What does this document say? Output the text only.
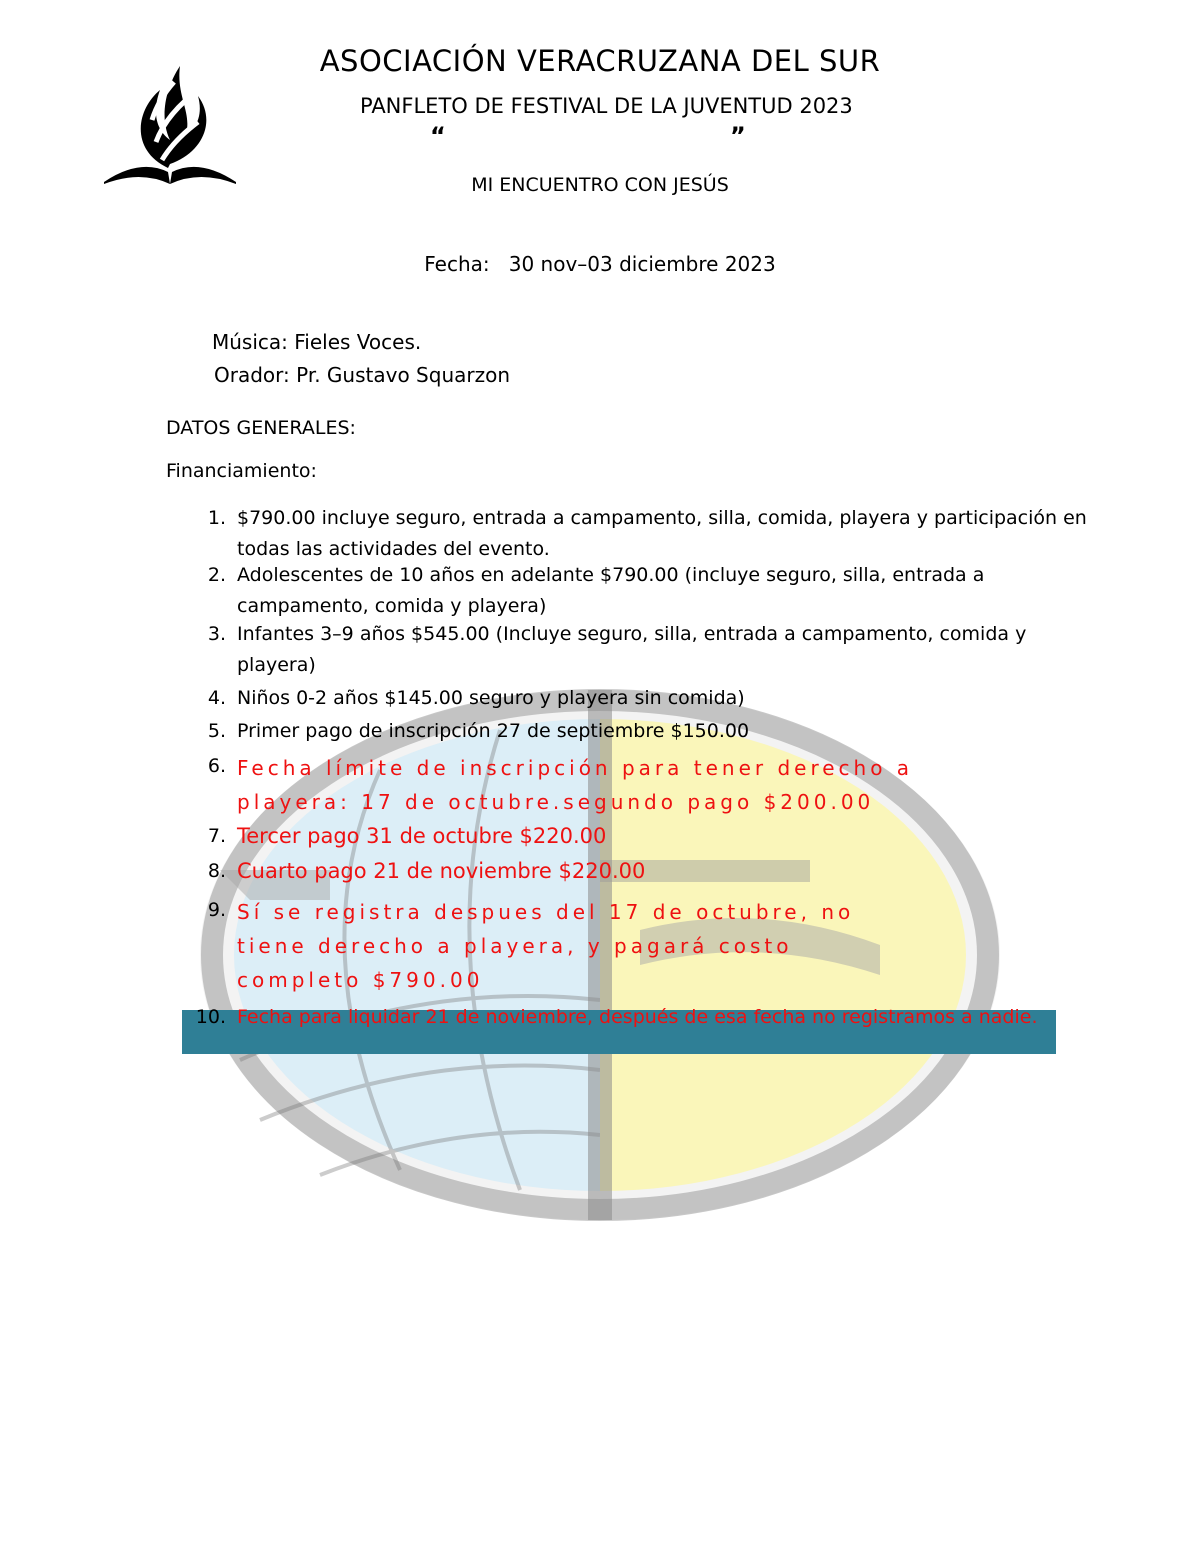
ASOCIACIÓN VERACRUZANA DEL SUR
PANFLETO DE FESTIVAL DE LA JUVENTUD 2023
“	”
MI ENCUENTRO CON JESÚS
Fecha:   30 nov–03 diciembre 2023
Música: Fieles Voces.
Orador: Pr. Gustavo Squarzon
DATOS GENERALES:
Financiamiento:
1. $790.00 incluye seguro, entrada a campamento, silla, comida, playera y participación en todas las actividades del evento.
2. Adolescentes de 10 años en adelante $790.00 (incluye seguro, silla, entrada a campamento, comida y playera)
3. Infantes 3–9 años $545.00 (Incluye seguro, silla, entrada a campamento, comida y playera)
4. Niños 0-2 años $145.00 seguro y playera sin comida)
5. Primer pago de inscripción 27 de septiembre $150.00
6. Fecha límite de inscripción para tener derecho a playera: 17 de octubre.segundo pago $200.00
7. Tercer pago 31 de octubre $220.00
8. Cuarto pago 21 de noviembre $220.00
9. Sí se registra despues del 17 de octubre, no tiene derecho a playera, y pagará costo completo $790.00
10. Fecha para liquidar 21 de noviembre, después de esa fecha no registramos a nadie.
